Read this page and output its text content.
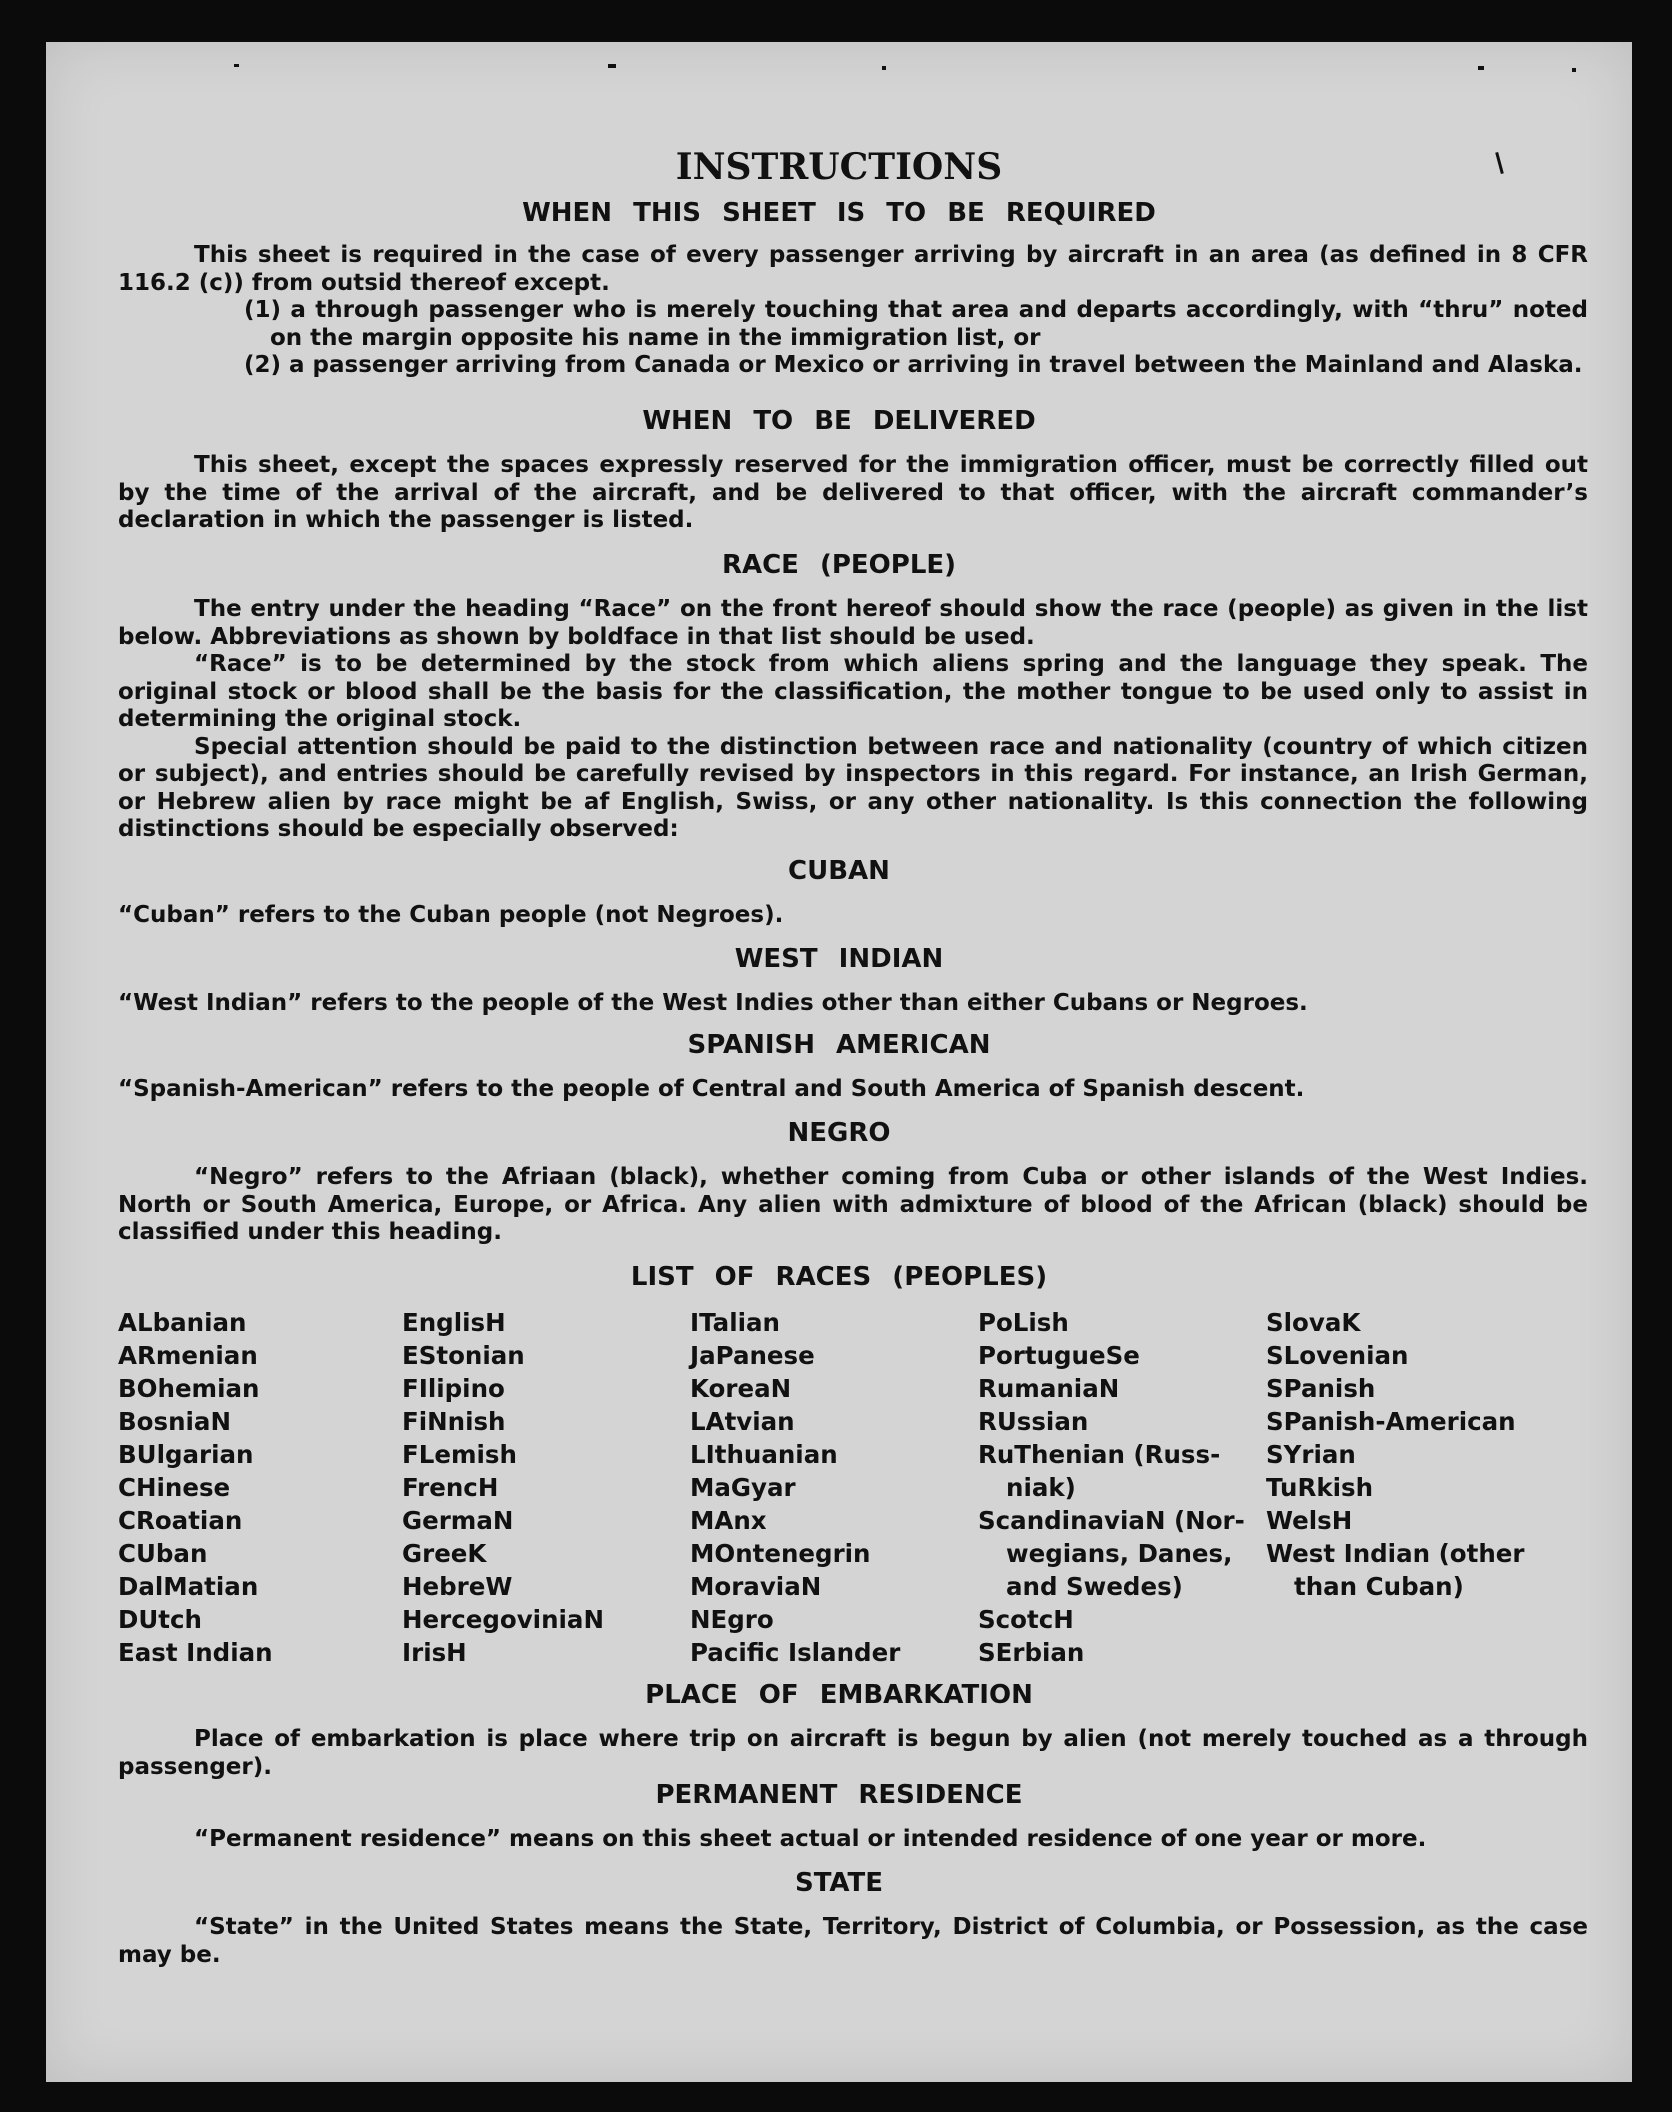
INSTRUCTIONS
WHEN THIS SHEET IS TO BE REQUIRED
This sheet is required in the case of every passenger arriving by aircraft in an area (as defined in 8 CFR 116.2 (c)) from outsid thereof except.
(1) a through passenger who is merely touching that area and departs accordingly, with “thru” noted on the margin opposite his name in the immigration list, or
(2) a passenger arriving from Canada or Mexico or arriving in travel between the Mainland and Alaska.
WHEN TO BE DELIVERED
This sheet, except the spaces expressly reserved for the immigration officer, must be correctly filled out by the time of the arrival of the aircraft, and be delivered to that officer, with the aircraft commander’s declaration in which the passenger is listed.
RACE (PEOPLE)
The entry under the heading “Race” on the front hereof should show the race (people) as given in the list below. Abbreviations as shown by boldface in that list should be used.
“Race” is to be determined by the stock from which aliens spring and the language they speak. The original stock or blood shall be the basis for the classification, the mother tongue to be used only to assist in determining the original stock.
Special attention should be paid to the distinction between race and nationality (country of which citizen or subject), and entries should be carefully revised by inspectors in this regard. For instance, an Irish German, or Hebrew alien by race might be af English, Swiss, or any other nationality. Is this connection the following distinctions should be especially observed:
CUBAN
“Cuban” refers to the Cuban people (not Negroes).
WEST INDIAN
“West Indian” refers to the people of the West Indies other than either Cubans or Negroes.
SPANISH AMERICAN
“Spanish-American” refers to the people of Central and South America of Spanish descent.
NEGRO
“Negro” refers to the Afriaan (black), whether coming from Cuba or other islands of the West Indies. North or South America, Europe, or Africa. Any alien with admixture of blood of the African (black) should be classified under this heading.
LIST OF RACES (PEOPLES)
ALbanian
ARmenian
BOhemian
BosniaN
BUlgarian
CHinese
CRoatian
CUban
DalMatian
DUtch
East Indian
EnglisH
EStonian
FIlipino
FiNnish
FLemish
FrencH
GermaN
GreeK
HebreW
HercegoviniaN
IrisH
ITalian
JaPanese
KoreaN
LAtvian
LIthuanian
MaGyar
MAnx
MOntenegrin
MoraviaN
NEgro
Pacific Islander
PoLish
PortugueSe
RumaniaN
RUssian
RuThenian (Russ-
niak)
ScandinaviaN (Nor-
wegians, Danes,
and Swedes)
ScotcH
SErbian
SlovaK
SLovenian
SPanish
SPanish-American
SYrian
TuRkish
WelsH
West Indian (other
than Cuban)
PLACE OF EMBARKATION
Place of embarkation is place where trip on aircraft is begun by alien (not merely touched as a through passenger).
PERMANENT RESIDENCE
“Permanent residence” means on this sheet actual or intended residence of one year or more.
STATE
“State” in the United States means the State, Territory, District of Columbia, or Possession, as the case may be.
